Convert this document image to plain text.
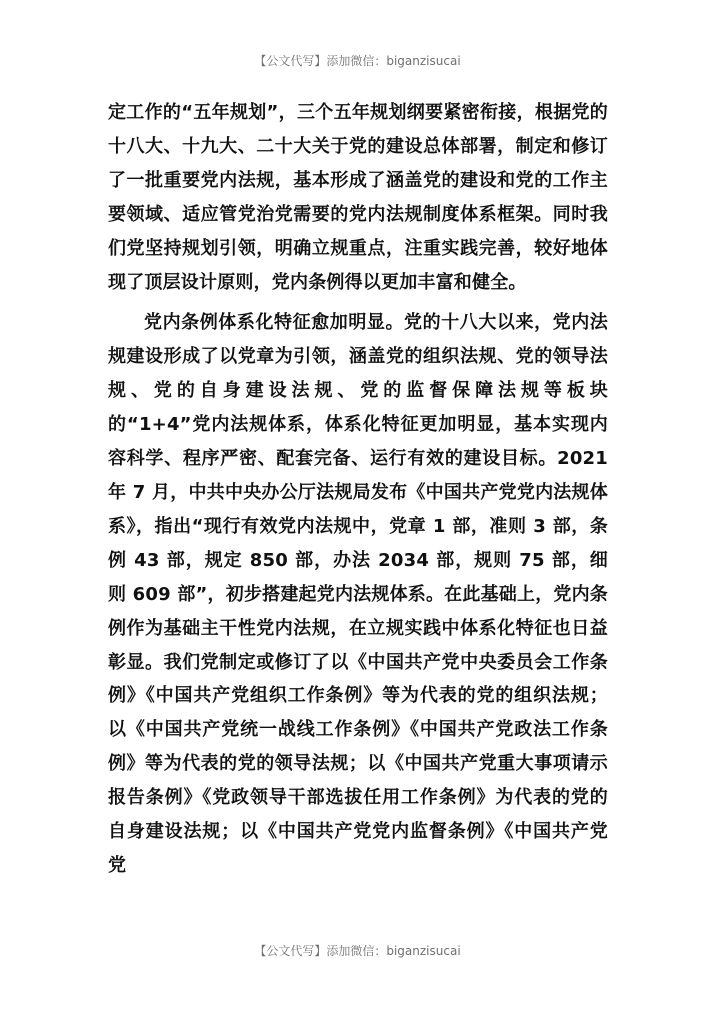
【公文代写】添加微信：biganzisucai

定工作的“五年规划”，三个五年规划纲要紧密衔接，根据党的十八大、十九大、二十大关于党的建设总体部署，制定和修订了一批重要党内法规，基本形成了涵盖党的建设和党的工作主要领域、适应管党治党需要的党内法规制度体系框架。同时我们党坚持规划引领，明确立规重点，注重实践完善，较好地体现了顶层设计原则，党内条例得以更加丰富和健全。

党内条例体系化特征愈加明显。党的十八大以来，党内法规建设形成了以党章为引领，涵盖党的组织法规、党的领导法规、党的自身建设法规、党的监督保障法规等板块的“1+4”党内法规体系，体系化特征更加明显，基本实现内容科学、程序严密、配套完备、运行有效的建设目标。2021 年 7 月，中共中央办公厅法规局发布《中国共产党党内法规体系》，指出“现行有效党内法规中，党章 1 部，准则 3 部，条例 43 部，规定 850 部，办法 2034 部，规则 75 部，细则 609 部”，初步搭建起党内法规体系。在此基础上，党内条例作为基础主干性党内法规，在立规实践中体系化特征也日益彰显。我们党制定或修订了以《中国共产党中央委员会工作条例》《中国共产党组织工作条例》等为代表的党的组织法规；以《中国共产党统一战线工作条例》《中国共产党政法工作条例》等为代表的党的领导法规；以《中国共产党重大事项请示报告条例》《党政领导干部选拔任用工作条例》为代表的党的自身建设法规；以《中国共产党党内监督条例》《中国共产党党

【公文代写】添加微信：biganzisucai
